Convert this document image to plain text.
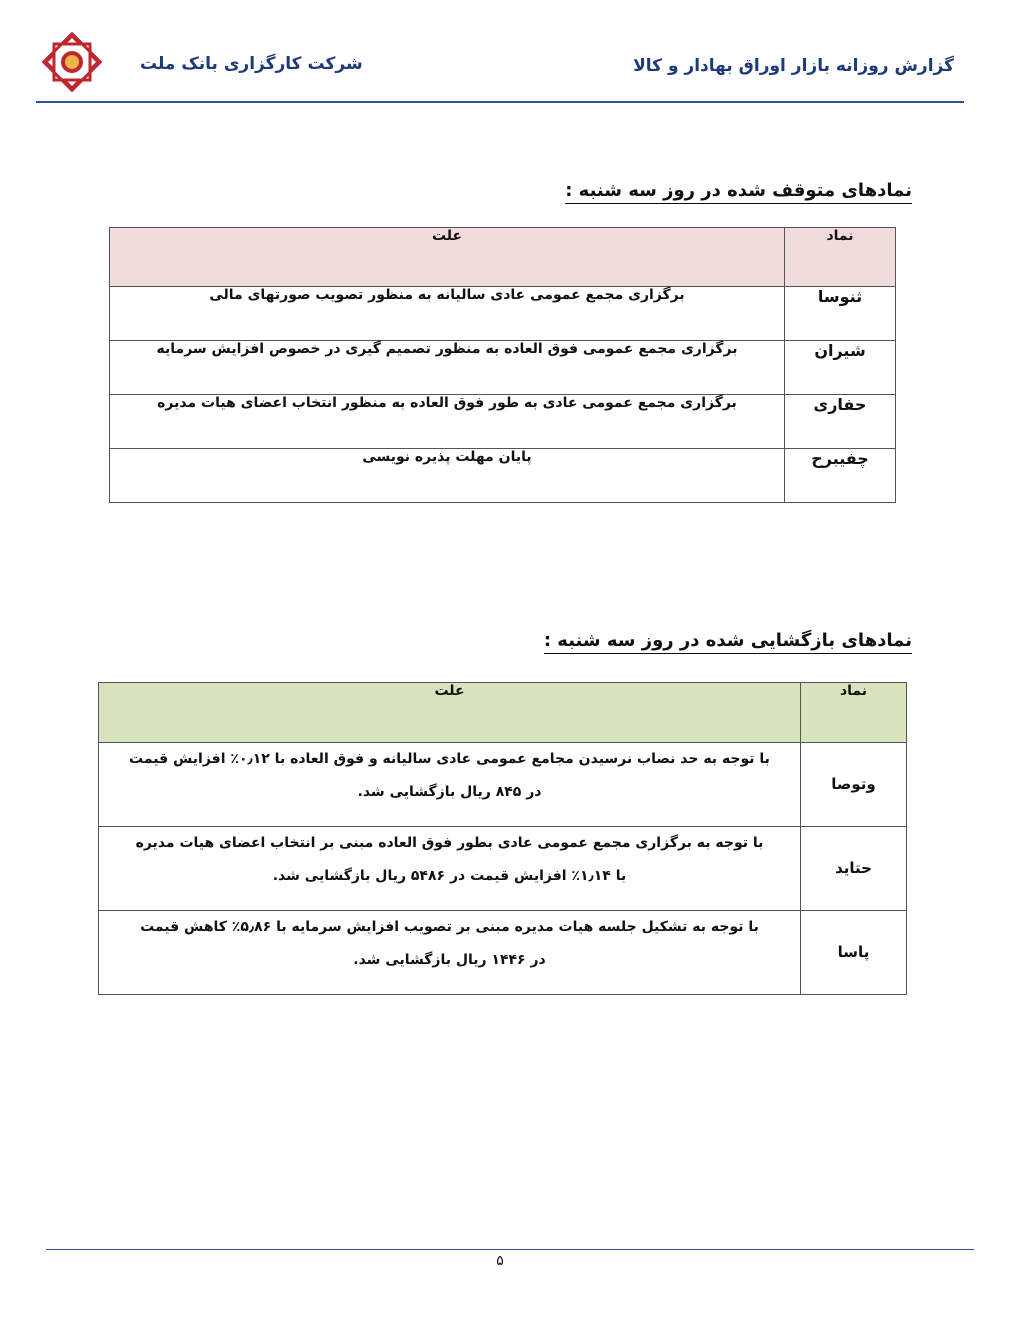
شرکت کارگزاری بانک ملت	گزارش روزانه بازار اوراق بهادار و کالا
نمادهای متوقف شده در روز سه شنبه :
نماد	علت
ثنوسا	برگزاری مجمع عمومی عادی سالیانه به منظور تصویب صورتهای مالی
شیران	برگزاری مجمع عمومی فوق العاده به منظور تصمیم گیری در خصوص افزایش سرمایه
حفاری	برگزاری مجمع عمومی عادی به طور فوق العاده به منظور انتخاب اعضای هیات مدیره
چفیبرح	پایان مهلت پذیره نویسی
نمادهای بازگشایی شده در روز سه شنبه :
نماد	علت
وتوصا	با توجه به حد نصاب نرسیدن مجامع عمومی عادی سالیانه و فوق العاده با ۰٫۱۲٪ افزایش قیمت
در ۸۴۵ ریال بازگشایی شد.

حتاید	با توجه به برگزاری مجمع عمومی عادی بطور فوق العاده مبنی بر انتخاب اعضای هیات مدیره
با ۱٫۱۴٪ افزایش قیمت در ۵۴۸۶ ریال بازگشایی شد.

پاسا	با توجه به تشکیل جلسه هیات مدیره مبنی بر تصویب افزایش سرمایه با ۵٫۸۶٪ کاهش قیمت
در ۱۴۴۶ ریال بازگشایی شد.
۵
